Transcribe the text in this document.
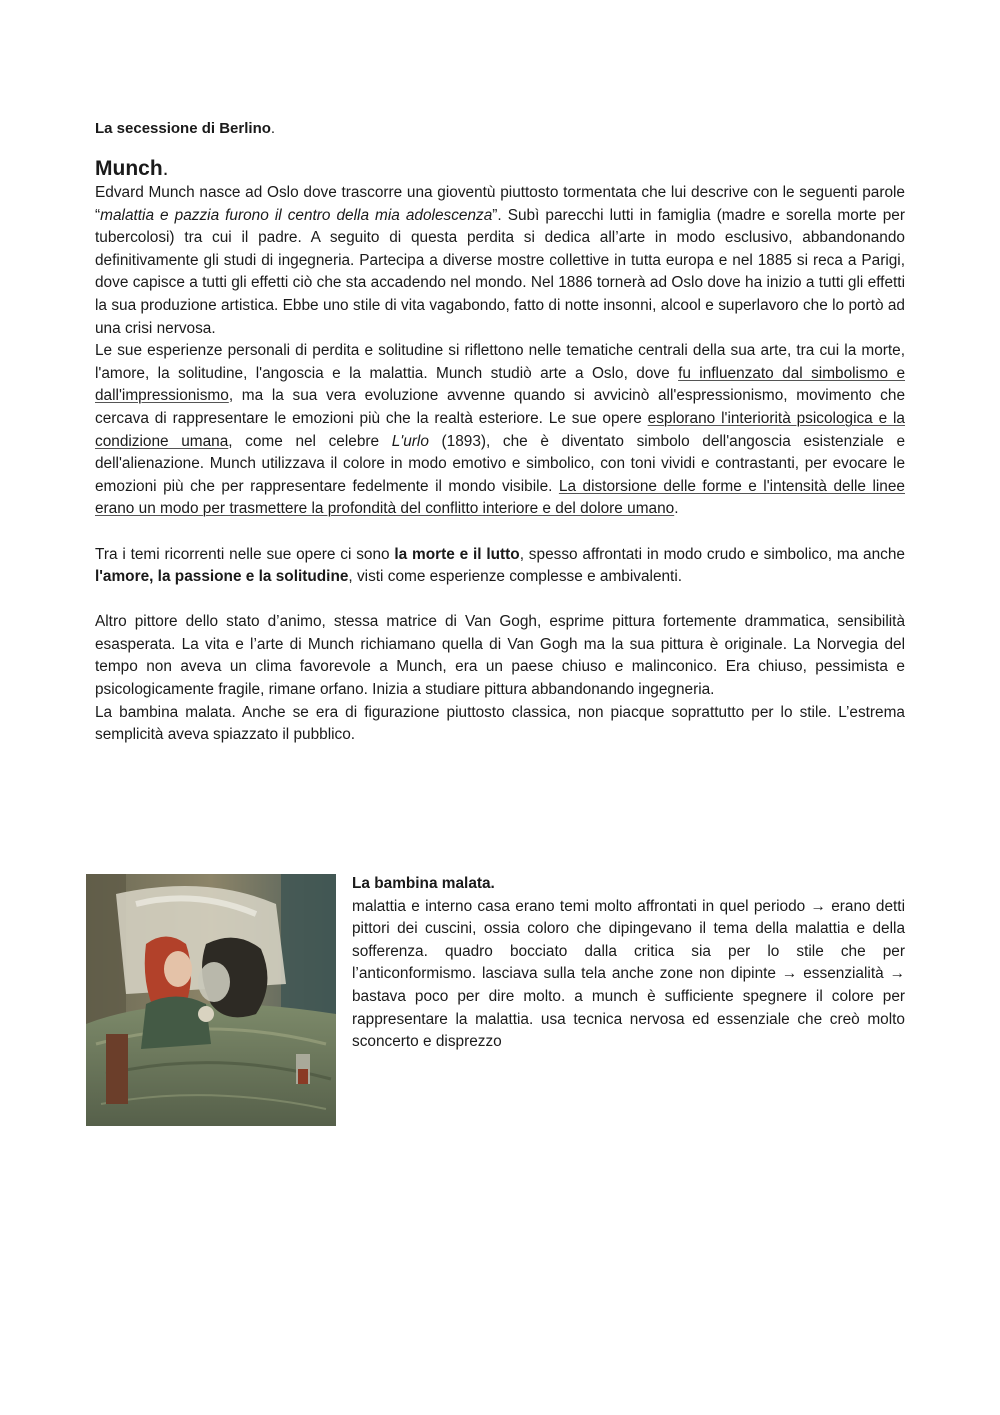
La secessione di Berlino.
Munch.

Edvard Munch nasce ad Oslo dove trascorre una gioventù piuttosto tormentata che lui descrive con le seguenti parole “malattia e pazzia furono il centro della mia adolescenza”. Subì parecchi lutti in famiglia (madre e sorella morte per tubercolosi) tra cui il padre. A seguito di questa perdita si dedica all’arte in modo esclusivo, abbandonando definitivamente gli studi di ingegneria. Partecipa a diverse mostre collettive in tutta europa e nel 1885 si reca a Parigi, dove capisce a tutti gli effetti ciò che sta accadendo nel mondo. Nel 1886 tornerà ad Oslo dove ha inizio a tutti gli effetti la sua produzione artistica. Ebbe uno stile di vita vagabondo, fatto di notte insonni, alcool e superlavoro che lo portò ad una crisi nervosa.

Le sue esperienze personali di perdita e solitudine si riflettono nelle tematiche centrali della sua arte, tra cui la morte, l'amore, la solitudine, l'angoscia e la malattia. Munch studiò arte a Oslo, dove fu influenzato dal simbolismo e dall'impressionismo, ma la sua vera evoluzione avvenne quando si avvicinò all'espressionismo, movimento che cercava di rappresentare le emozioni più che la realtà esteriore. Le sue opere esplorano l'interiorità psicologica e la condizione umana, come nel celebre L'urlo (1893), che è diventato simbolo dell'angoscia esistenziale e dell'alienazione. Munch utilizzava il colore in modo emotivo e simbolico, con toni vividi e contrastanti, per evocare le emozioni più che per rappresentare fedelmente il mondo visibile. La distorsione delle forme e l'intensità delle linee erano un modo per trasmettere la profondità del conflitto interiore e del dolore umano.

Tra i temi ricorrenti nelle sue opere ci sono la morte e il lutto, spesso affrontati in modo crudo e simbolico, ma anche l'amore, la passione e la solitudine, visti come esperienze complesse e ambivalenti.

Altro pittore dello stato d’animo, stessa matrice di Van Gogh, esprime pittura fortemente drammatica, sensibilità esasperata. La vita e l’arte di Munch richiamano quella di Van Gogh ma la sua pittura è originale. La Norvegia del tempo non aveva un clima favorevole a Munch, era un paese chiuso e malinconico. Era chiuso, pessimista e psicologicamente fragile, rimane orfano. Inizia a studiare pittura abbandonando ingegneria.

La bambina malata. Anche se era di figurazione piuttosto classica, non piacque soprattutto per lo stile. L’estrema semplicità aveva spiazzato il pubblico.

La bambina malata.

malattia e interno casa erano temi molto affrontati in quel periodo → erano detti pittori dei cuscini, ossia coloro che dipingevano il tema della malattia e della sofferenza. quadro bocciato dalla critica sia per lo stile che per l’anticonformismo. lasciava sulla tela anche zone non dipinte → essenzialità → bastava poco per dire molto. a munch è sufficiente spegnere il colore per rappresentare la malattia. usa tecnica nervosa ed essenziale che creò molto sconcerto e disprezzo
